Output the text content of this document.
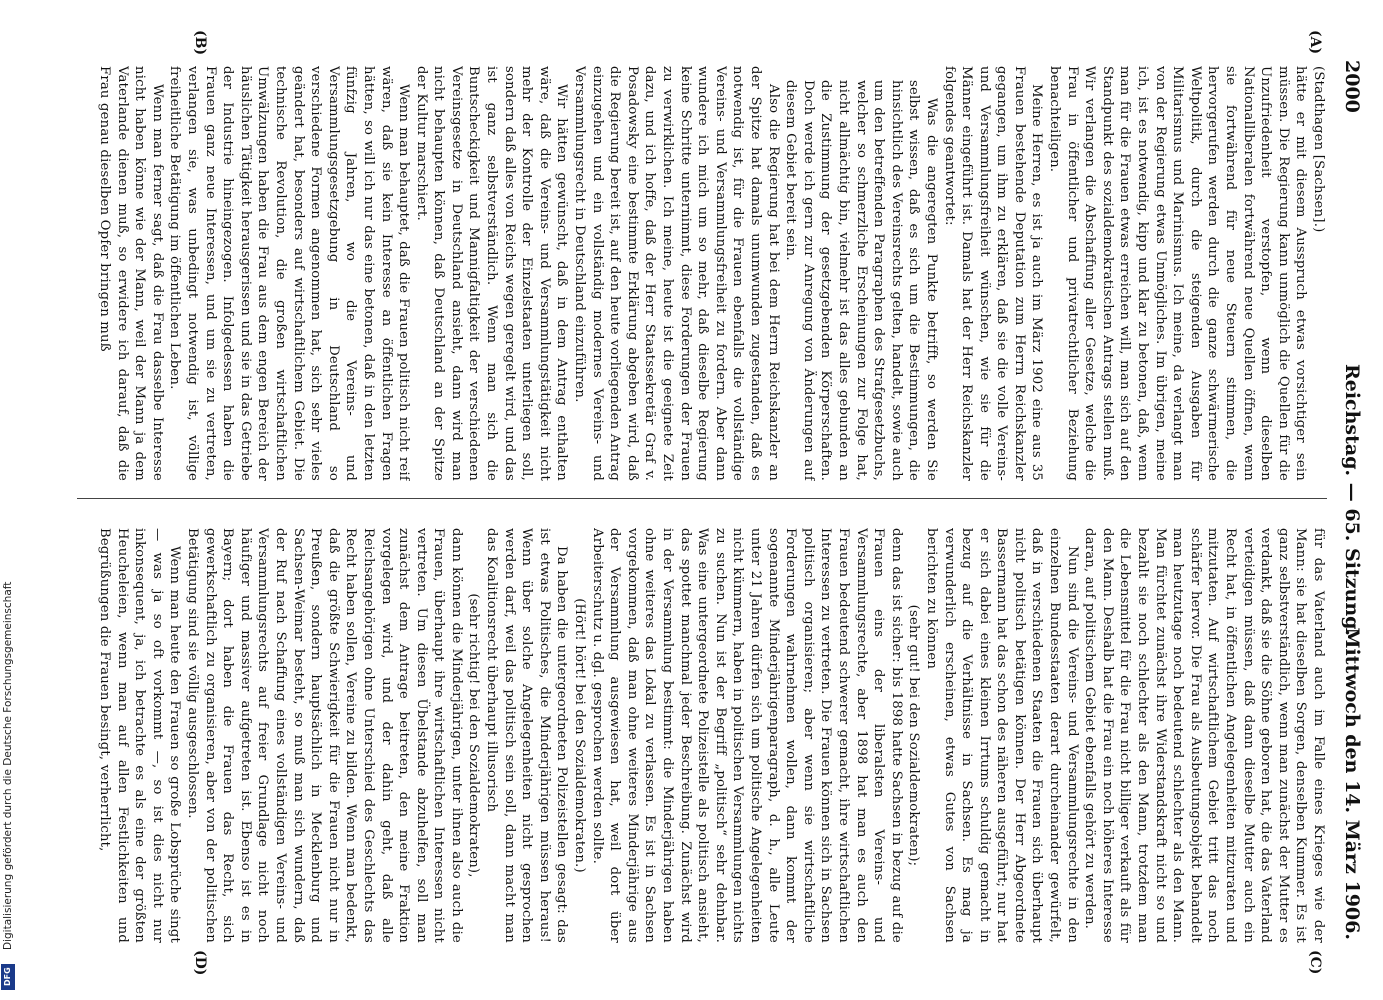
2000
Reichstag. — 65. Sitzung.
Mittwoch den 14. März 1906.
(A)
(B)
(C)
(D)

(Stadthagen [Sachsen].)

hätte er mit diesem Ausspruch etwas vorsichtiger sein müssen. Die Regierung kann unmöglich die Quellen für die Unzufriedenheit verstopfen, wenn dieselben Nationalliberalen fortwährend neue Quellen öffnen, wenn sie fortwährend für neue Steuern stimmen, die hervorgerufen werden durch die ganze schwärmerische Weltpolitik, durch die steigenden Ausgaben für Militarismus und Marinismus. Ich meine, da verlangt man von der Regierung etwas Unmögliches. Im übrigen, meine ich, ist es notwendig, kipp und klar zu betonen, daß, wenn man für die Frauen etwas erreichen will, man sich auf den Standpunkt des sozialdemokratischen Antrags stellen muß. Wir verlangen die Abschaffung aller Gesetze, welche die Frau in öffentlicher und privatrechtlicher Beziehung benachteiligen.

Meine Herren, es ist ja auch im März 1902 eine aus 35 Frauen bestehende Deputation zum Herrn Reichskanzler gegangen, um ihm zu erklären, daß sie die volle Vereins- und Versammlungsfreiheit wünschen, wie sie für die Männer eingeführt ist. Damals hat der Herr Reichskanzler folgendes geantwortet:

Was die angeregten Punkte betrifft, so werden Sie selbst wissen, daß es sich um die Bestimmungen, die hinsichtlich des Vereinsrechts gelten, handelt, sowie auch um den betreffenden Paragraphen des Strafgesetzbuchs, welcher so schmerzliche Erscheinungen zur Folge hat, nicht allmächtig bin, vielmehr ist das alles gebunden an die Zustimmung der gesetzgebenden Körperschaften. Doch werde ich gern zur Anregung von Änderungen auf diesem Gebiet bereit sein.

Also die Regierung hat bei dem Herrn Reichskanzler an der Spitze hat damals unumwunden zugestanden, daß es notwendig ist, für die Frauen ebenfalls die vollständige Vereins- und Versammlungsfreiheit zu fordern. Aber dann wundere ich mich um so mehr, daß dieselbe Regierung keine Schritte unternimmt, diese Forderungen der Frauen zu verwirklichen. Ich meine, heute ist die geeignete Zeit dazu, und ich hoffe, daß der Herr Staatssekretär Graf v. Posadowsky eine bestimmte Erklärung abgeben wird, daß die Regierung bereit ist, auf den heute vorliegenden Antrag einzugehen und ein vollständig modernes Vereins- und Versammlungsrecht in Deutschland einzuführen.

Wir hätten gewünscht, daß in dem Antrag enthalten wäre, daß die Vereins- und Versammlungstätigkeit nicht mehr der Kontrolle der Einzelstaaten unterliegen soll, sondern daß alles von Reichs wegen geregelt wird, und das ist ganz selbstverständlich. Wenn man sich die Buntscheckigkeit und Mannigfaltigkeit der verschiedenen Vereinsgesetze in Deutschland ansieht, dann wird man nicht behaupten können, daß Deutschland an der Spitze der Kultur marschiert.

Wenn man behauptet, daß die Frauen politisch nicht reif wären, daß sie kein Interesse an öffentlichen Fragen hätten, so will ich nur das eine betonen, daß in den letzten fünfzig Jahren, wo die Vereins- und Versammlungsgesetzgebung in Deutschland so verschiedene Formen angenommen hat, sich sehr vieles geändert hat, besonders auf wirtschaftlichem Gebiet. Die technische Revolution, die großen wirtschaftlichen Umwälzungen haben die Frau aus dem engen Bereich der häuslichen Tätigkeit herausgerissen und sie in das Getriebe der Industrie hineingezogen. Infolgedessen haben die Frauen ganz neue Interessen, und um sie zu vertreten, verlangen sie, was unbedingt notwendig ist, völlige freiheitliche Betätigung im öffentlichen Leben.

Wenn man ferner sagt, daß die Frau dasselbe Interesse nicht haben könne wie der Mann, weil der Mann ja dem Vaterlande dienen muß, so erwidere ich darauf, daß die Frau genau dieselben Opfer bringen muß

für das Vaterland auch im Falle eines Krieges wie der Mann: sie hat dieselben Sorgen, denselben Kummer. Es ist ganz selbstverständlich, wenn man zunächst der Mutter es verdankt, daß sie die Söhne geboren hat, die das Vaterland verteidigen müssen, daß dann dieselbe Mutter auch ein Recht hat, in öffentlichen Angelegenheiten mitzuraten und mitzutaten. Auf wirtschaftlichem Gebiet tritt das noch schärfer hervor. Die Frau als Ausbeutungsobjekt behandelt man heutzutage noch bedeutend schlechter als den Mann. Man fürchtet zunächst ihre Widerstandskraft nicht so und bezahlt sie noch schlechter als den Mann, trotzdem man die Lebensmittel für die Frau nicht billiger verkauft als für den Mann. Deshalb hat die Frau ein noch höheres Interesse daran, auf politischem Gebiet ebenfalls gehört zu werden.

Nun sind die Vereins- und Versammlungsrechte in den einzelnen Bundesstaaten derart durcheinander gewürfelt, daß in verschiedenen Staaten die Frauen sich überhaupt nicht politisch betätigen können. Der Herr Abgeordnete Bassermann hat das schon des näheren ausgeführt; nur hat er sich dabei eines kleinen Irrtums schuldig gemacht in bezug auf die Verhältnisse in Sachsen. Es mag ja verwunderlich erscheinen, etwas Gutes von Sachsen berichten zu können

(sehr gut! bei den Sozialdemokraten);

denn das ist sicher: bis 1898 hatte Sachsen in bezug auf die Frauen eins der liberalsten Vereins- und Versammlungsrechte, aber 1898 hat man es auch den Frauen bedeutend schwerer gemacht, ihre wirtschaftlichen Interessen zu vertreten. Die Frauen können sich in Sachsen politisch organisieren; aber wenn sie wirtschaftliche Forderungen wahrnehmen wollen, dann kommt der sogenannte Minderjährigenparagraph, d. h., alle Leute unter 21 Jahren dürfen sich um politische Angelegenheiten nicht kümmern, haben in politischen Versammlungen nichts zu suchen. Nun ist der Begriff „politisch“ sehr dehnbar. Was eine untergeordnete Polizeistelle als politisch ansieht, das spottet manchmal jeder Beschreibung. Zunächst wird in der Versammlung bestimmt: die Minderjährigen haben ohne weiteres das Lokal zu verlassen. Es ist in Sachsen vorgekommen, daß man ohne weiteres Minderjährige aus der Versammlung ausgewiesen hat, weil dort über Arbeiterschutz u. dgl. gesprochen werden sollte.

(Hört! hört! bei den Sozialdemokraten.)

Da haben die untergeordneten Polizeistellen gesagt: das ist etwas Politisches, die Minderjährigen müssen heraus! Wenn über solche Angelegenheiten nicht gesprochen werden darf, weil das politisch sein soll, dann macht man das Koalitionsrecht überhaupt illusorisch

(sehr richtig! bei den Sozialdemokraten),

dann können die Minderjährigen, unter ihnen also auch die Frauen, überhaupt ihre wirtschaftlichen Interessen nicht vertreten. Um diesen Übelstande abzuhelfen, soll man zunächst dem Antrage beitreten, den meine Fraktion vorgelegen wird, und der dahin geht, daß alle Reichsangehörigen ohne Unterschied des Geschlechts das Recht haben sollen, Vereine zu bilden. Wenn man bedenkt, daß die größte Schwierigkeit für die Frauen nicht nur in Preußen, sondern hauptsächlich in Mecklenburg und Sachsen-Weimar besteht, so muß man sich wundern, daß der Ruf nach Schaffung eines vollständigen Vereins- und Versammlungsrechts auf freier Grundlage nicht noch häufiger und massiver aufgetreten ist. Ebenso ist es in Bayern; dort haben die Frauen das Recht, sich gewerkschaftlich zu organisieren, aber von der politischen Betätigung sind sie völlig ausgeschlossen.

Wenn man heute den Frauen so große Lobsprüche singt — was ja so oft vorkommt —, so ist dies nicht nur inkonsequent, ja, ich betrachte es als eine der größten Heucheleien, wenn man auf allen Festlichkeiten und Begrüßungen die Frauen besingt, verherrlicht,

Digitalisierung gefördert durch die Deutsche Forschungsgemeinschaft
DFG
